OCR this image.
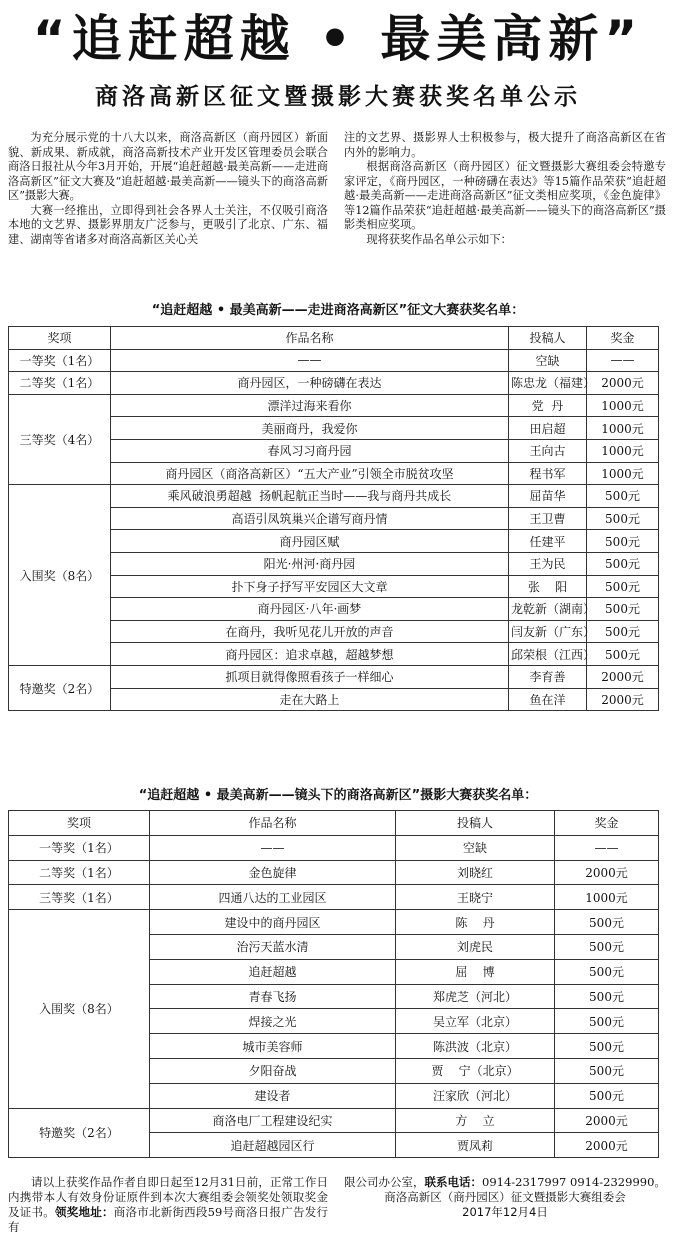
“追赶超越 • 最美高新”
商洛高新区征文暨摄影大赛获奖名单公示

为充分展示党的十八大以来，商洛高新区（商丹园区）新面貌、新成果、新成就，商洛高新技术产业开发区管理委员会联合商洛日报社从今年3月开始，开展“追赶超越·最美高新——走进商洛高新区”征文大赛及“追赶超越·最美高新——镜头下的商洛高新区”摄影大赛。

大赛一经推出，立即得到社会各界人士关注，不仅吸引商洛本地的文艺界、摄影界朋友广泛参与，更吸引了北京、广东、福建、湖南等省诸多对商洛高新区关心关

注的文艺界、摄影界人士积极参与，极大提升了商洛高新区在省内外的影响力。

根据商洛高新区（商丹园区）征文暨摄影大赛组委会特邀专家评定，《商丹园区，一种磅礴在表达》等15篇作品荣获“追赶超越·最美高新——走进商洛高新区”征文类相应奖项，《金色旋律》等12篇作品荣获“追赶超越·最美高新——镜头下的商洛高新区”摄影类相应奖项。

现将获奖作品名单公示如下：

“追赶超越 • 最美高新——走进商洛高新区”征文大赛获奖名单：
奖项	作品名称	投稿人	奖金
一等奖（1名）	——	空缺	——
二等奖（1名）	商丹园区，一种磅礴在表达	陈忠龙（福建）	2000元
三等奖（4名）	漂洋过海来看你	党  丹	1000元
	美丽商丹，我爱你	田启超	1000元
	春风习习商丹园	王向古	1000元
	商丹园区（商洛高新区）“五大产业”引领全市脱贫攻坚	程书军	1000元
入围奖（8名）	乘风破浪勇超越  扬帆起航正当时——我与商丹共成长	屈苗华	500元
	高语引凤筑巢兴企谱写商丹情	王卫曹	500元
	商丹园区赋	任建平	500元
	阳光·州河·商丹园	王为民	500元
	扑下身子抒写平安园区大文章	张    阳	500元
	商丹园区·八年·画梦	龙乾新（湖南）	500元
	在商丹，我听见花儿开放的声音	闫友新（广东）	500元
	商丹园区：追求卓越，超越梦想	邱荣根（江西）	500元
特邀奖（2名）	抓项目就得像照看孩子一样细心	李育善	2000元
	走在大路上	鱼在洋	2000元
“追赶超越 • 最美高新——镜头下的商洛高新区”摄影大赛获奖名单：
奖项	作品名称	投稿人	奖金
一等奖（1名）	——	空缺	——
二等奖（1名）	金色旋律	刘晓红	2000元
三等奖（1名）	四通八达的工业园区	王晓宁	1000元
入围奖（8名）	建设中的商丹园区	陈    丹	500元
	治污天蓝水清	刘虎民	500元
	追赶超越	屈    博	500元
	青春飞扬	郑虎芝（河北）	500元
	焊接之光	吴立军（北京）	500元
	城市美容师	陈洪波（北京）	500元
	夕阳奋战	贾    宁（北京）	500元
	建设者	汪家欣（河北）	500元
特邀奖（2名）	商洛电厂工程建设纪实	方    立	2000元
	追赶超越园区行	贾凤莉	2000元

请以上获奖作品作者自即日起至12月31日前，正常工作日内携带本人有效身份证原件到本次大赛组委会领奖处领取奖金及证书。领奖地址：商洛市北新街西段59号商洛日报广告发行有

限公司办公室，联系电话：0914-2317997 0914-2329990。

商洛高新区（商丹园区）征文暨摄影大赛组委会
2017年12月4日
